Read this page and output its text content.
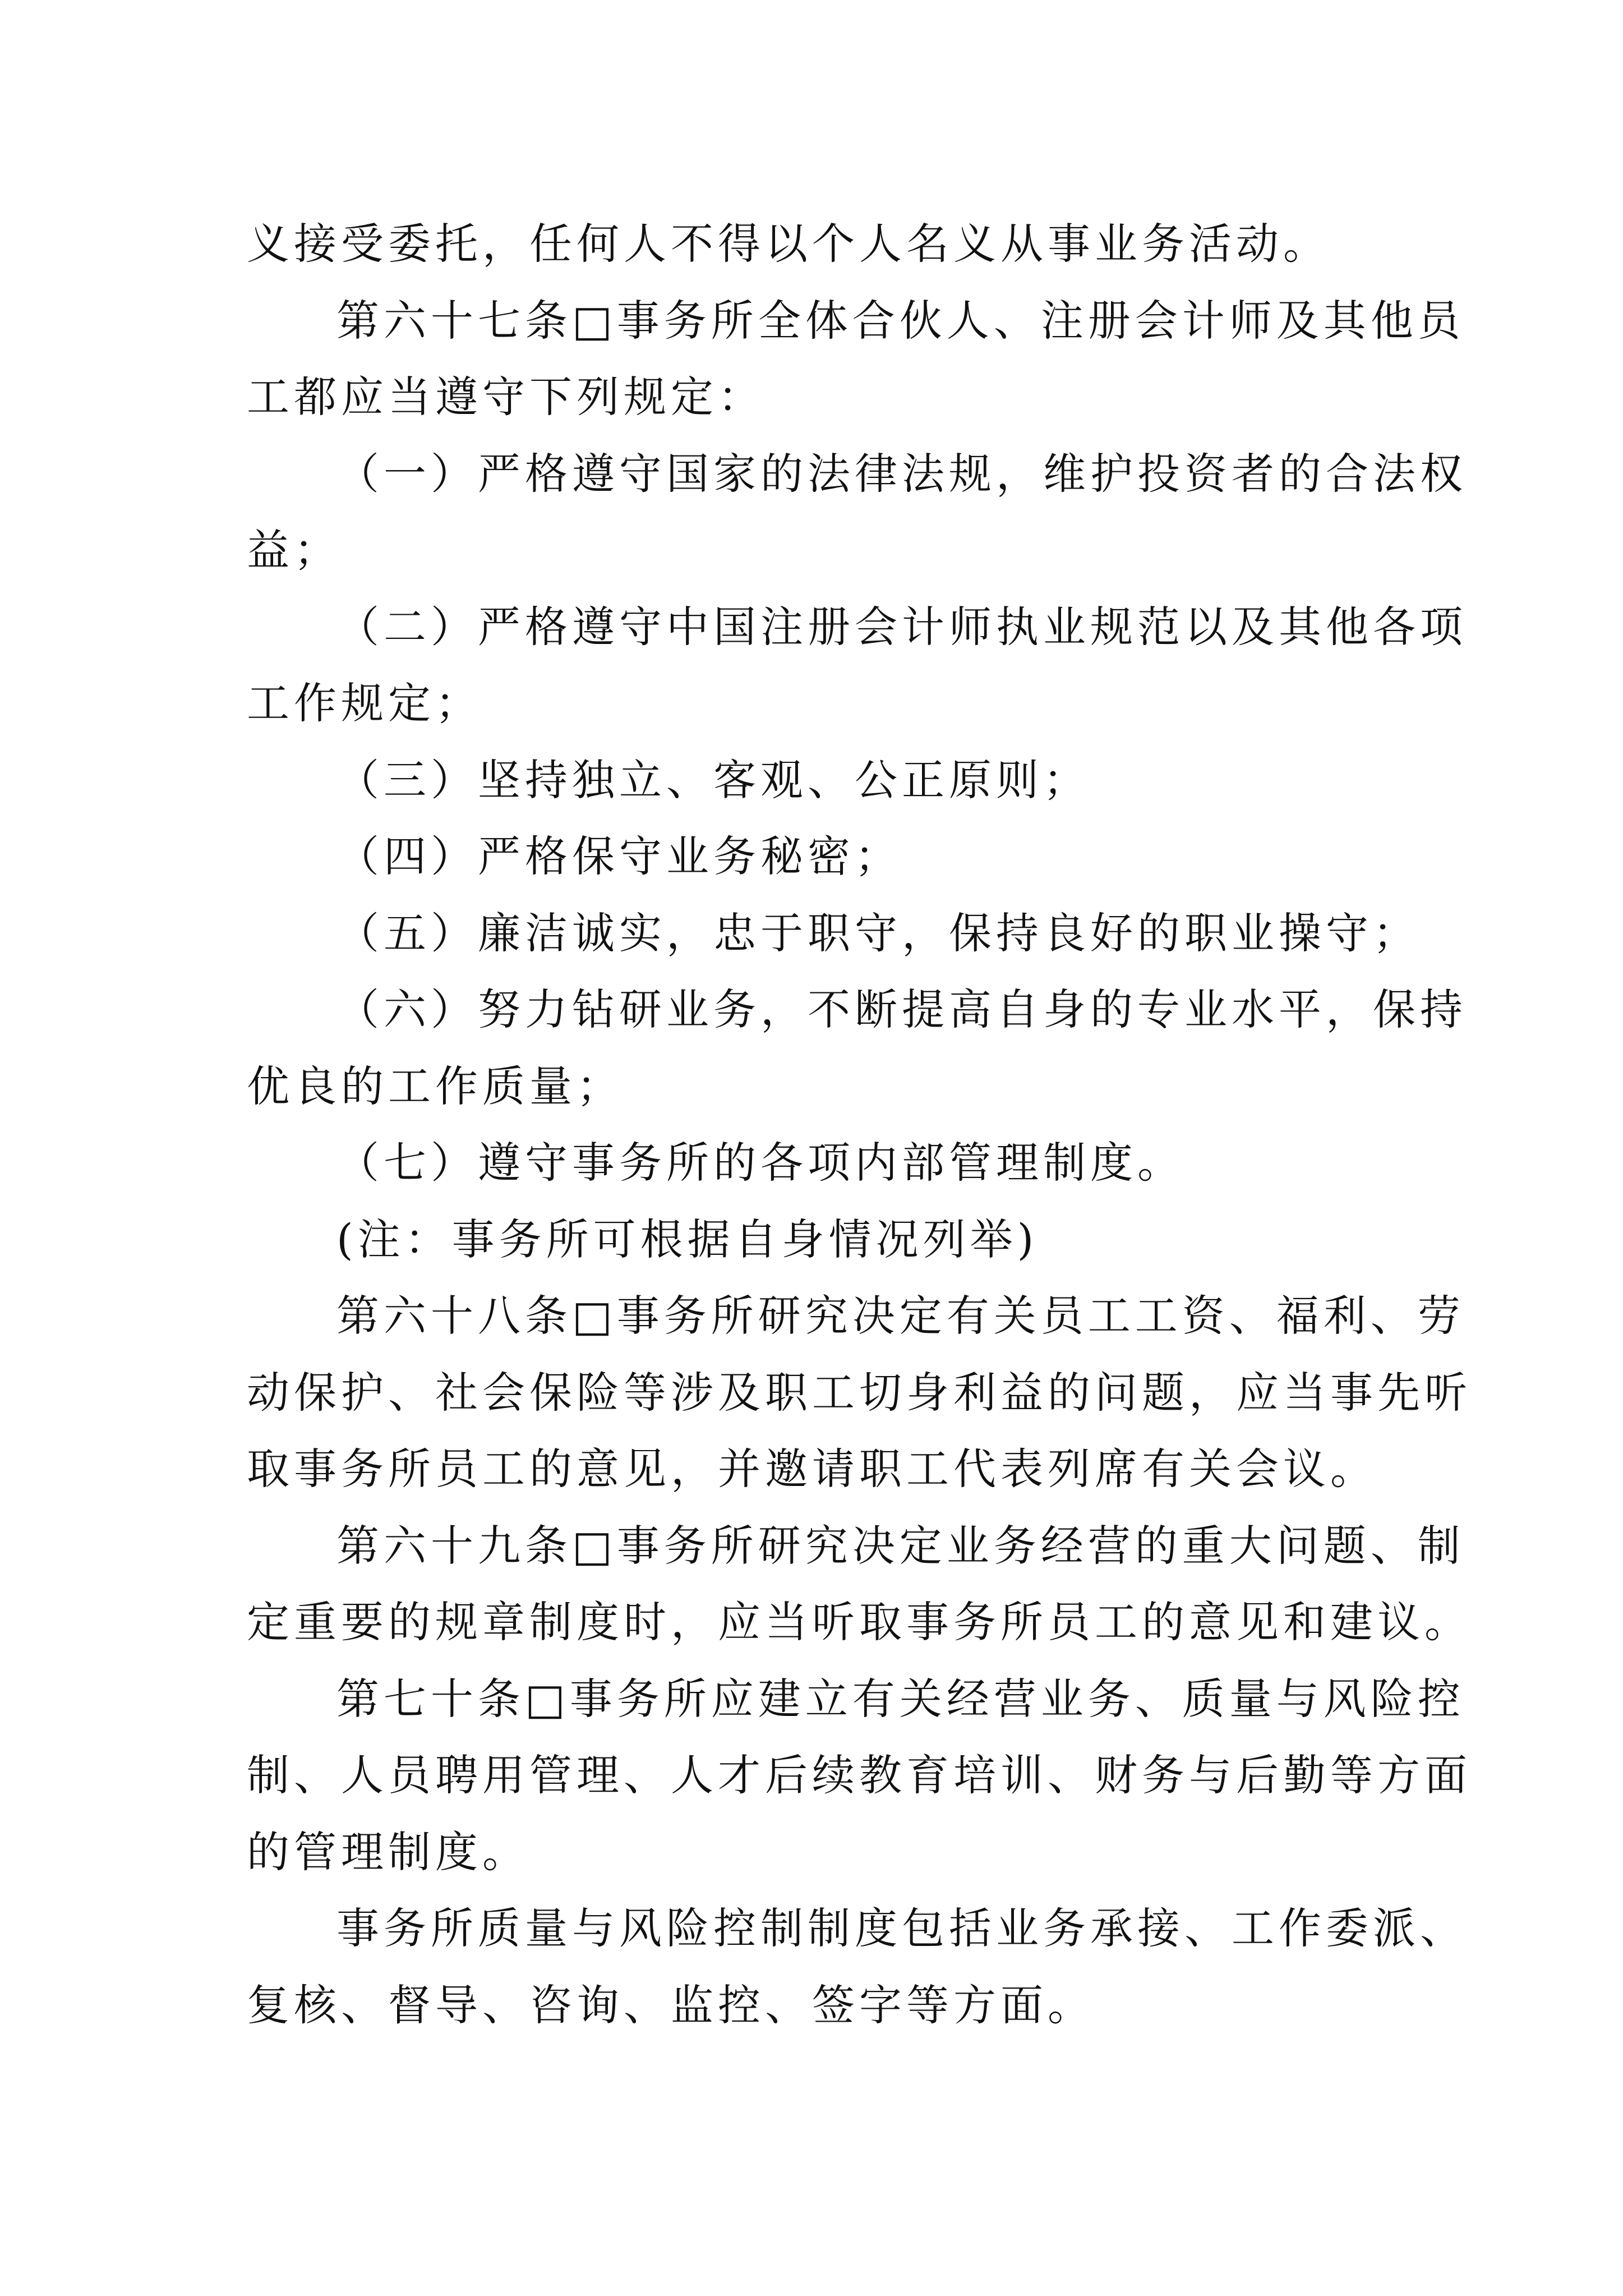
义接受委托，任何人不得以个人名义从事业务活动。
第六十七条□事务所全体合伙人、注册会计师及其他员
工都应当遵守下列规定：
（一）严格遵守国家的法律法规，维护投资者的合法权
益；
（二）严格遵守中国注册会计师执业规范以及其他各项
工作规定；
（三）坚持独立、客观、公正原则；
（四）严格保守业务秘密；
（五）廉洁诚实，忠于职守，保持良好的职业操守；
（六）努力钻研业务，不断提高自身的专业水平，保持
优良的工作质量；
（七）遵守事务所的各项内部管理制度。
(注：事务所可根据自身情况列举)
第六十八条□事务所研究决定有关员工工资、福利、劳
动保护、社会保险等涉及职工切身利益的问题，应当事先听
取事务所员工的意见，并邀请职工代表列席有关会议。
第六十九条□事务所研究决定业务经营的重大问题、制
定重要的规章制度时，应当听取事务所员工的意见和建议。
第七十条□事务所应建立有关经营业务、质量与风险控
制、人员聘用管理、人才后续教育培训、财务与后勤等方面
的管理制度。
事务所质量与风险控制制度包括业务承接、工作委派、
复核、督导、咨询、监控、签字等方面。
